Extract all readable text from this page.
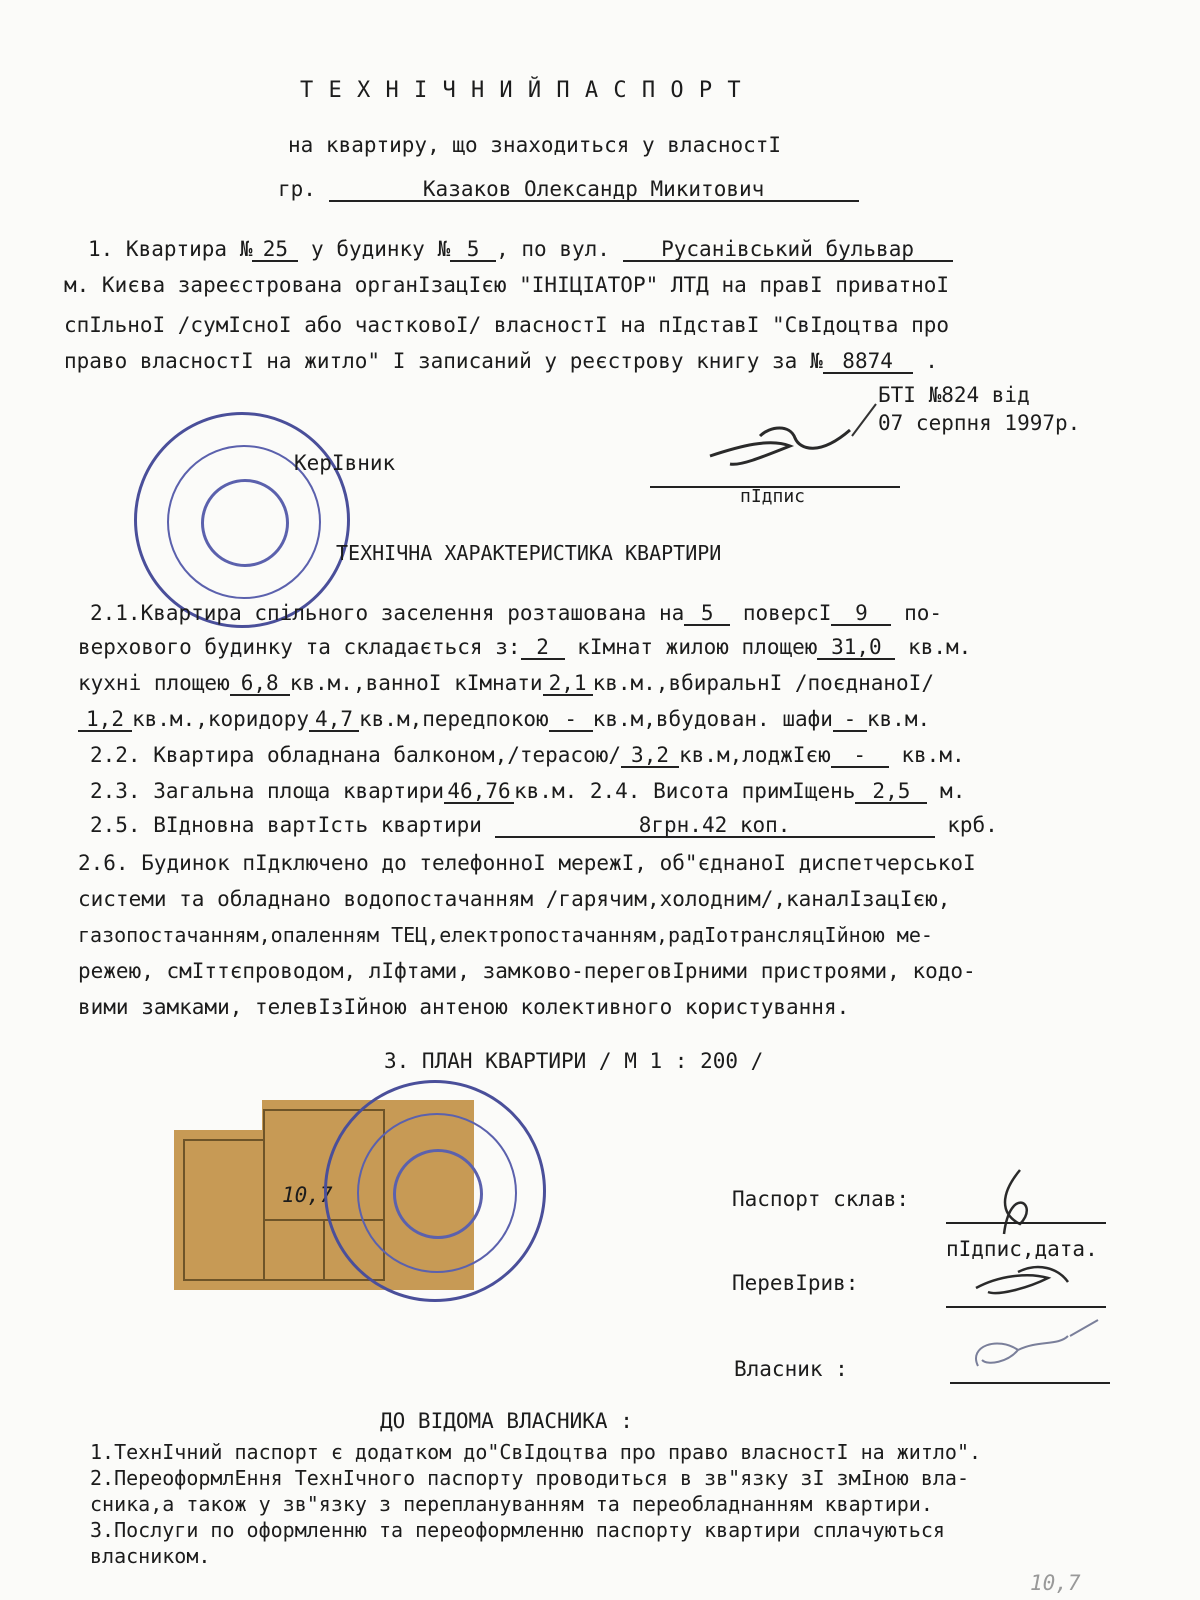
Т Е Х Н І Ч Н И Й П А С П О Р Т
на квартиру, що знаходиться у власностІ
гр.	Казаков Олександр Микитович
1. Квартира № 25 у будинку № 5 , по вул. Русанівський бульвар
м. Києва зареєстрована органІзацІєю "ІНІЦІАТОР" ЛТД на правІ приватноІ
спІльноІ /сумІсноІ або частковоІ/ власностІ на пІдставІ "СвІдоцтва про
право власностІ на житло" І записаний у реєстрову книгу за № 8874 .
БТІ №824 від
07 серпня 1997р.
КерІвник
пІдпис
ТЕХНІЧНА ХАРАКТЕРИСТИКА КВАРТИРИ
2.1.Квартира спільного заселення розташована на 5 поверсІ 9 по-
верхового будинку та складається з: 2 кІмнат жилою площею 31,0 кв.м.
кухні площею 6,8 кв.м.,ванноІ кІмнати 2,1 кв.м.,вбиральнІ /поєднаноІ/
1,2 кв.м.,коридору 4,7 кв.м,передпокою - кв.м,вбудован. шафи - кв.м.
2.2. Квартира обладнана балконом,/терасою/ 3,2 кв.м,лоджІєю - кв.м.
2.3. Загальна площа квартири 46,76 кв.м. 2.4. Висота примІщень 2,5 м.
2.5. ВІдновна вартІсть квартири	8грн.42 коп.	крб.
2.6. Будинок пІдключено до телефонноІ мережІ, об"єднаноІ диспетчерськоІ
системи та обладнано водопостачанням /гарячим,холодним/,каналІзацІєю,
газопостачанням,опаленням ТЕЦ,електропостачанням,радІотрансляцІйною ме-
режею, смІттєпроводом, лІфтами, замково-переговІрними пристроями, кодо-
вими замками, телевІзІйною антеною колективного користування.
3. ПЛАН КВАРТИРИ / М 1 : 200 /
10,7	Паспорт склав:
пІдпис,дата.
ПеревІрив:
Власник :
ДО ВІДОМА ВЛАСНИКА :
1.ТехнІчний паспорт є додатком до"СвІдоцтва про право власностІ на житло".
2.ПереоформлЕння ТехнІчного паспорту проводиться в зв"язку зІ змІною вла-
сника,а також у зв"язку з переплануванням та переобладнанням квартири.
3.Послуги по оформленню та переоформленню паспорту квартири сплачуються
власником.
10,7
